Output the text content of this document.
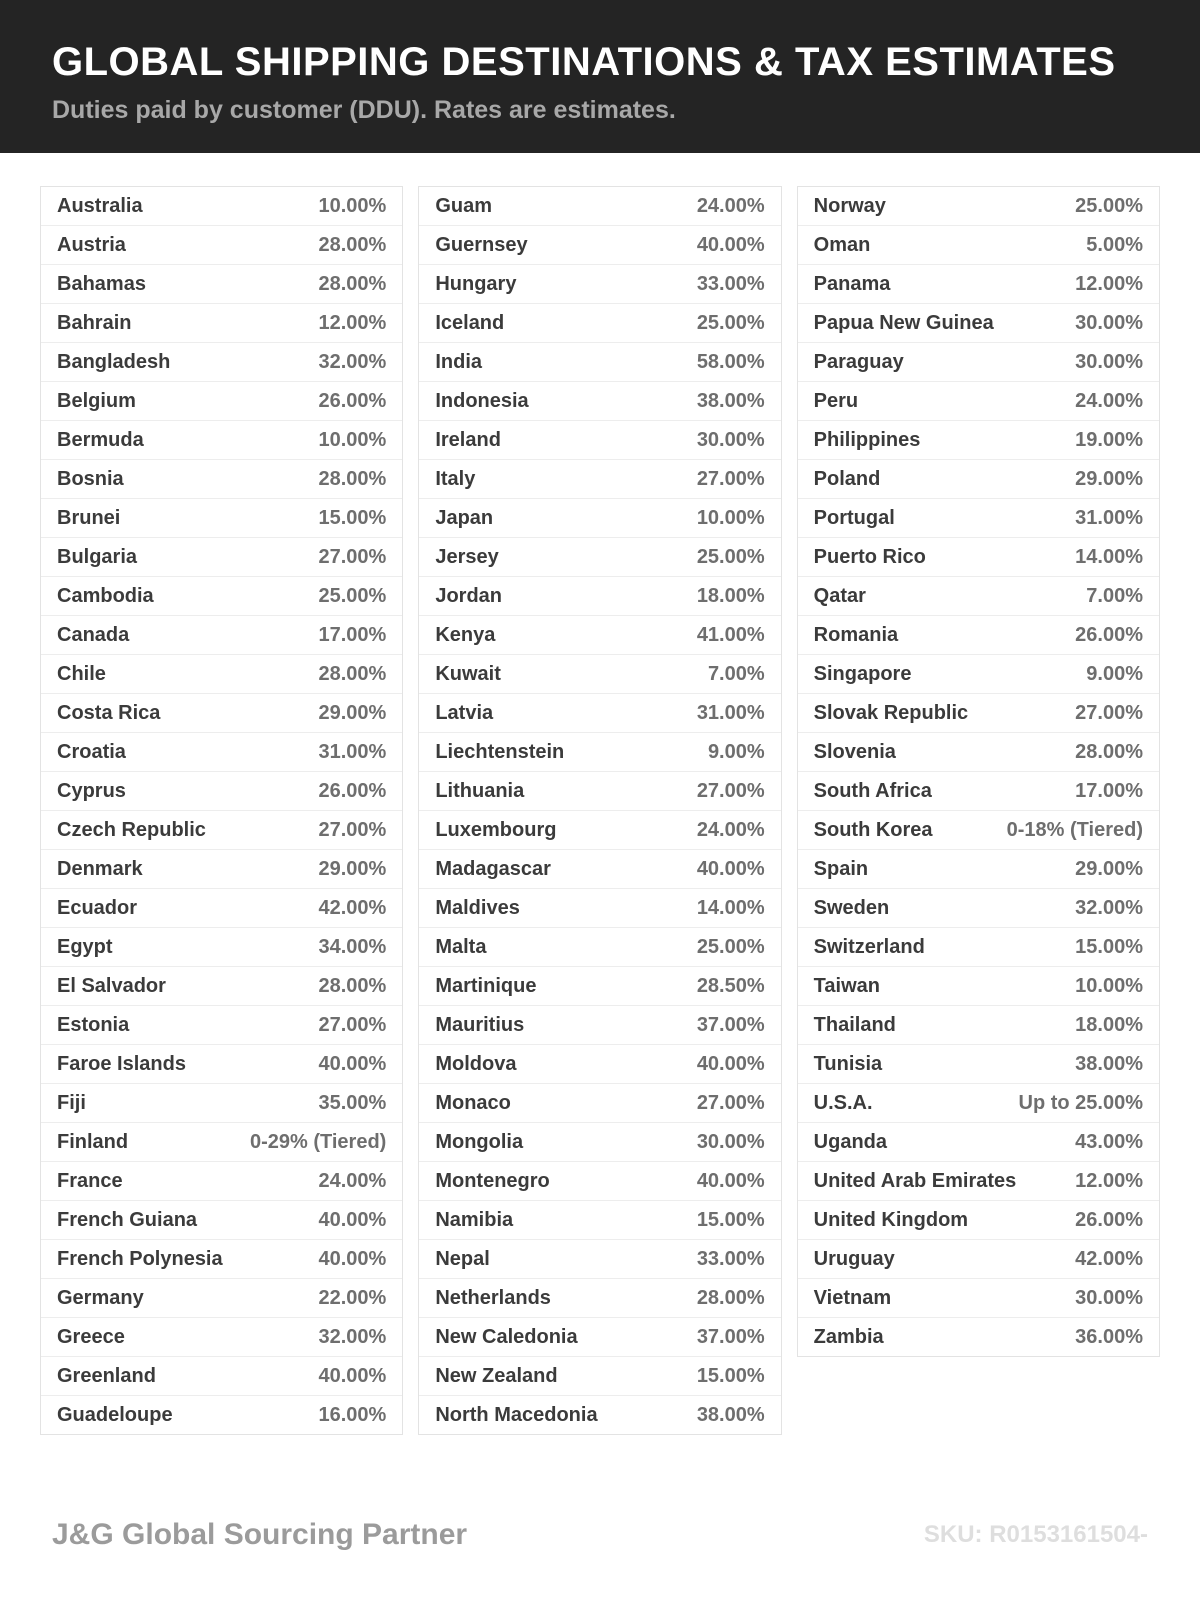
GLOBAL SHIPPING DESTINATIONS & TAX ESTIMATES
Duties paid by customer (DDU). Rates are estimates.
Australia	10.00%
Austria	28.00%
Bahamas	28.00%
Bahrain	12.00%
Bangladesh	32.00%
Belgium	26.00%
Bermuda	10.00%
Bosnia	28.00%
Brunei	15.00%
Bulgaria	27.00%
Cambodia	25.00%
Canada	17.00%
Chile	28.00%
Costa Rica	29.00%
Croatia	31.00%
Cyprus	26.00%
Czech Republic	27.00%
Denmark	29.00%
Ecuador	42.00%
Egypt	34.00%
El Salvador	28.00%
Estonia	27.00%
Faroe Islands	40.00%
Fiji	35.00%
Finland	0-29% (Tiered)
France	24.00%
French Guiana	40.00%
French Polynesia	40.00%
Germany	22.00%
Greece	32.00%
Greenland	40.00%
Guadeloupe	16.00%
Guam	24.00%
Guernsey	40.00%
Hungary	33.00%
Iceland	25.00%
India	58.00%
Indonesia	38.00%
Ireland	30.00%
Italy	27.00%
Japan	10.00%
Jersey	25.00%
Jordan	18.00%
Kenya	41.00%
Kuwait	7.00%
Latvia	31.00%
Liechtenstein	9.00%
Lithuania	27.00%
Luxembourg	24.00%
Madagascar	40.00%
Maldives	14.00%
Malta	25.00%
Martinique	28.50%
Mauritius	37.00%
Moldova	40.00%
Monaco	27.00%
Mongolia	30.00%
Montenegro	40.00%
Namibia	15.00%
Nepal	33.00%
Netherlands	28.00%
New Caledonia	37.00%
New Zealand	15.00%
North Macedonia	38.00%
Norway	25.00%
Oman	5.00%
Panama	12.00%
Papua New Guinea	30.00%
Paraguay	30.00%
Peru	24.00%
Philippines	19.00%
Poland	29.00%
Portugal	31.00%
Puerto Rico	14.00%
Qatar	7.00%
Romania	26.00%
Singapore	9.00%
Slovak Republic	27.00%
Slovenia	28.00%
South Africa	17.00%
South Korea	0-18% (Tiered)
Spain	29.00%
Sweden	32.00%
Switzerland	15.00%
Taiwan	10.00%
Thailand	18.00%
Tunisia	38.00%
U.S.A.	Up to 25.00%
Uganda	43.00%
United Arab Emirates	12.00%
United Kingdom	26.00%
Uruguay	42.00%
Vietnam	30.00%
Zambia	36.00%
J&G Global Sourcing Partner	SKU: R0153161504-
